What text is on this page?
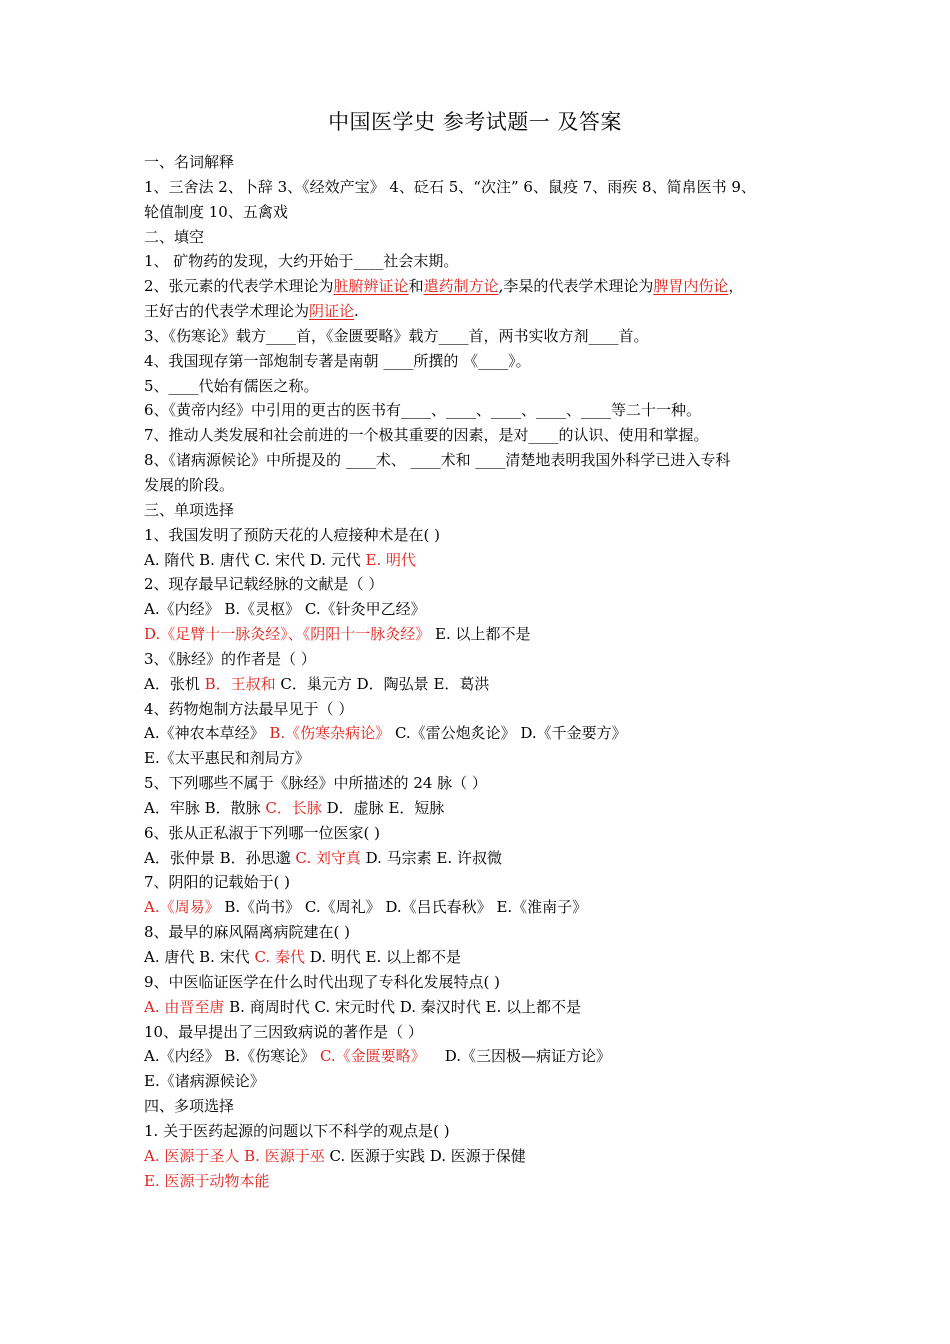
中国医学史 参考试题一 及答案
一、名词解释
1、三舍法 2、卜辞 3、《经效产宝》 4、砭石 5、“次注” 6、鼠疫 7、雨疾 8、简帛医书 9、
轮值制度 10、五禽戏
二、填空
1、 矿物药的发现，大约开始于____社会末期。
2、张元素的代表学术理论为脏腑辨证论和遣药制方论,李杲的代表学术理论为脾胃内伤论，
王好古的代表学术理论为阴证论.
3、《伤寒论》载方____首，《金匮要略》载方____首，两书实收方剂____首。
4、我国现存第一部炮制专著是南朝 ____所撰的 《____》。
5、____代始有儒医之称。
6、《黄帝内经》中引用的更古的医书有____、____、____、____、____等二十一种。
7、推动人类发展和社会前进的一个极其重要的因素，是对____的认识、使用和掌握。
8、《诸病源候论》中所提及的 ____术、 ____术和 ____清楚地表明我国外科学已进入专科
发展的阶段。
三、单项选择
1、我国发明了预防天花的人痘接种术是在( )
A. 隋代 B. 唐代 C. 宋代 D. 元代 E. 明代
2、现存最早记载经脉的文献是（ ）
A.《内经》 B.《灵枢》 C.《针灸甲乙经》
D.《足臂十一脉灸经》、《阴阳十一脉灸经》 E. 以上都不是
3、《脉经》的作者是（ ）
A．张机 B．王叔和 C．巢元方 D．陶弘景 E．葛洪
4、药物炮制方法最早见于（ ）
A.《神农本草经》 B.《伤寒杂病论》 C.《雷公炮炙论》 D.《千金要方》
E.《太平惠民和剂局方》
5、下列哪些不属于《脉经》中所描述的 24 脉（ ）
A．牢脉 B．散脉 C．长脉 D．虚脉 E．短脉
6、张从正私淑于下列哪一位医家( )
A．张仲景 B．孙思邈 C. 刘守真 D. 马宗素 E. 许叔微
7、阴阳的记载始于( )
A.《周易》 B.《尚书》 C.《周礼》 D.《吕氏春秋》 E.《淮南子》
8、最早的麻风隔离病院建在( )
A. 唐代 B. 宋代 C. 秦代 D. 明代 E. 以上都不是
9、中医临证医学在什么时代出现了专科化发展特点( )
A. 由晋至唐 B. 商周时代 C. 宋元时代 D. 秦汉时代 E. 以上都不是
10、最早提出了三因致病说的著作是（ ）
A.《内经》 B.《伤寒论》 C.《金匮要略》    D.《三因极—病证方论》
E.《诸病源候论》
四、多项选择
1. 关于医药起源的问题以下不科学的观点是( )
A. 医源于圣人 B. 医源于巫 C. 医源于实践 D. 医源于保健
E. 医源于动物本能
